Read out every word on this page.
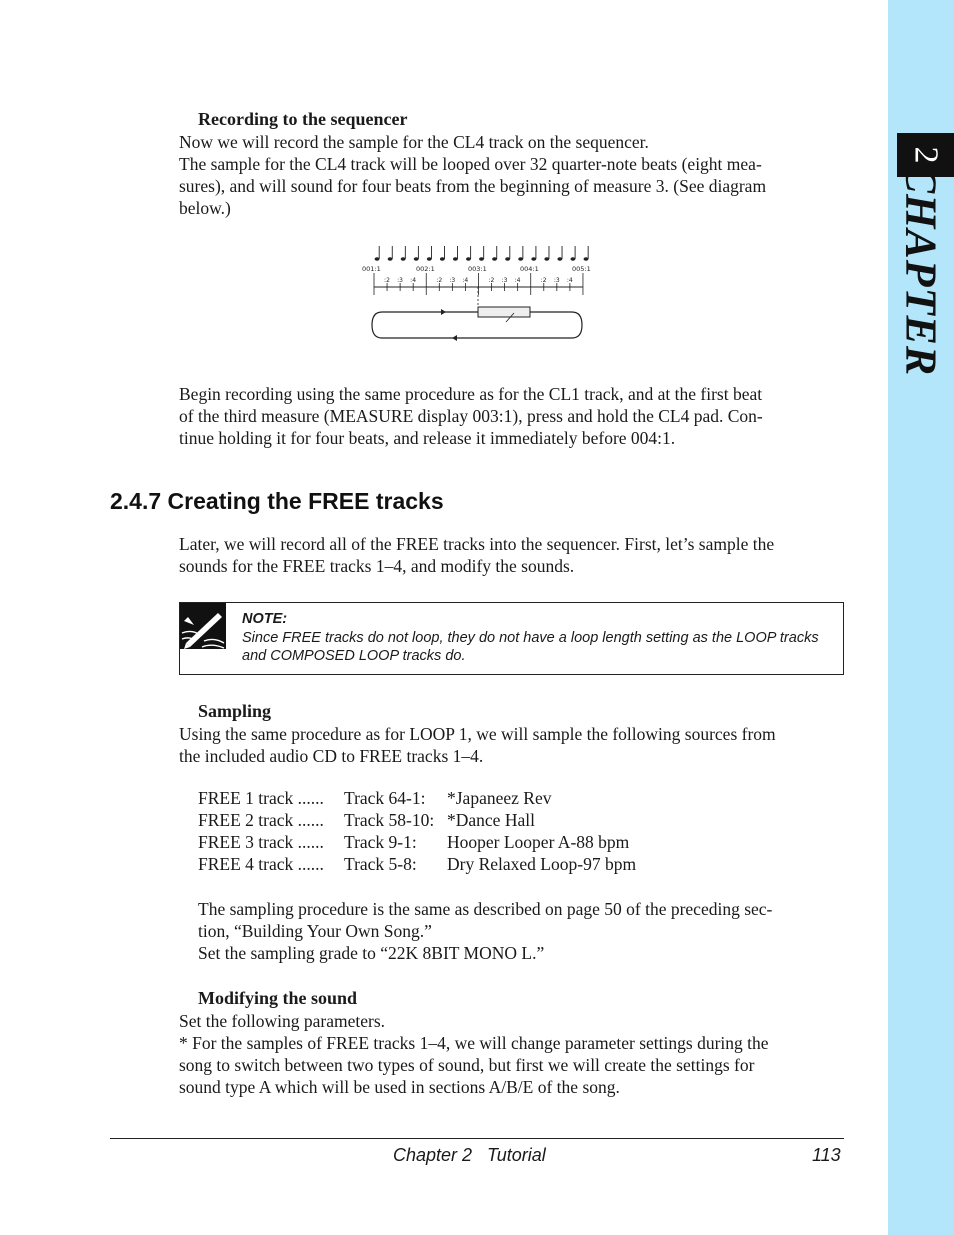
2
CHAPTER
Recording to the sequencer

Now we will record the sample for the CL4 track on the sequencer.
The sample for the CL4 track will be looped over 32 quarter-note beats (eight mea-
sures), and will sound for four beats from the beginning of measure 3. (See diagram
below.)

001:1	002:1	003:1	004:1	005:1
:2 :3 :4	:2 :3 :4	:2 :3 :4	:2 :3 :4

Begin recording using the same procedure as for the CL1 track, and at the first beat
of the third measure (MEASURE display 003:1), press and hold the CL4 pad. Con-
tinue holding it for four beats, and release it immediately before 004:1.

2.4.7 Creating the FREE tracks

Later, we will record all of the FREE tracks into the sequencer. First, let’s sample the
sounds for the FREE tracks 1–4, and modify the sounds.

NOTE:
Since FREE tracks do not loop, they do not have a loop length setting as the LOOP tracks
and COMPOSED LOOP tracks do.
Sampling

Using the same procedure as for LOOP 1, we will sample the following sources from
the included audio CD to FREE tracks 1–4.

FREE 1 track ...... Track 64-1: *Japaneez Rev
FREE 2 track ...... Track 58-10: *Dance Hall
FREE 3 track ...... Track 9-1: Hooper Looper A-88 bpm
FREE 4 track ...... Track 5-8: Dry Relaxed Loop-97 bpm

The sampling procedure is the same as described on page 50 of the preceding sec-
tion, “Building Your Own Song.”
Set the sampling grade to “22K 8BIT MONO L.”

Modifying the sound

Set the following parameters.
* For the samples of FREE tracks 1–4, we will change parameter settings during the
song to switch between two types of sound, but first we will create the settings for
sound type A which will be used in sections A/B/E of the song.

Chapter 2   Tutorial	113
